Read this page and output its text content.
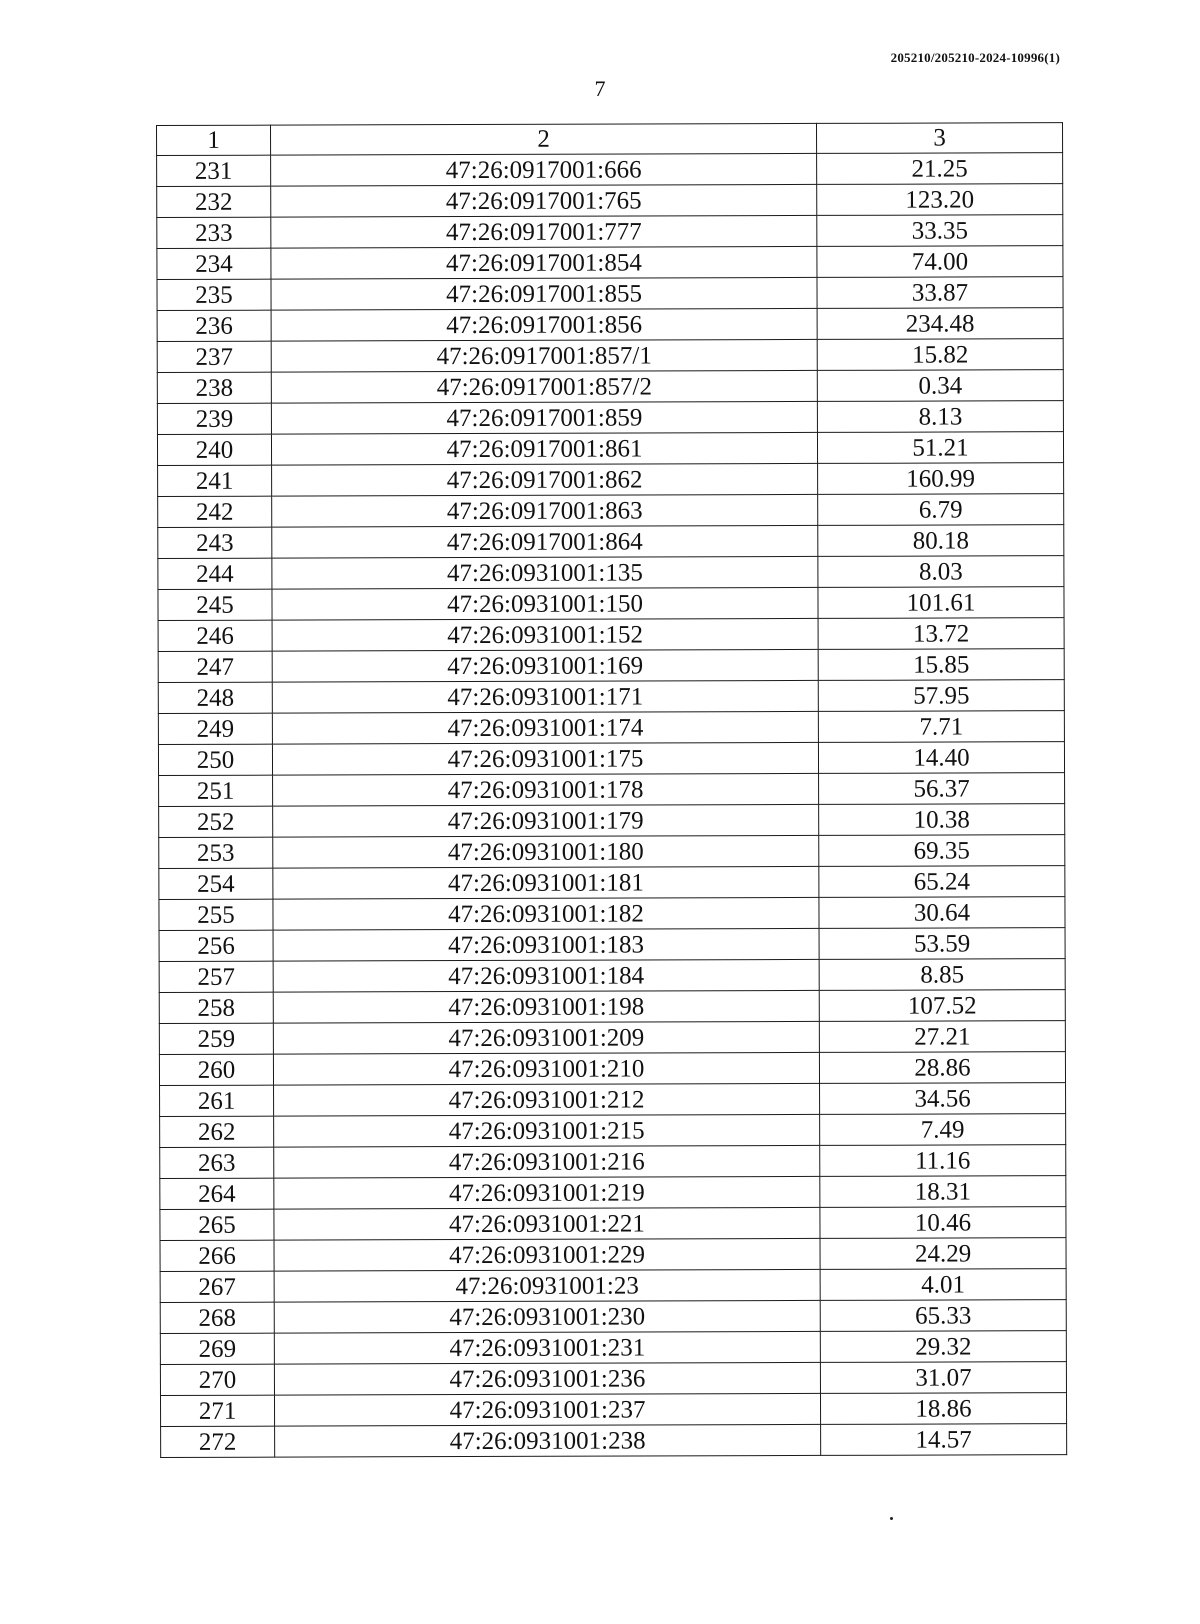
205210/205210-2024-10996(1)
7
1	2	3
231	47:26:0917001:666	21.25
232	47:26:0917001:765	123.20
233	47:26:0917001:777	33.35
234	47:26:0917001:854	74.00
235	47:26:0917001:855	33.87
236	47:26:0917001:856	234.48
237	47:26:0917001:857/1	15.82
238	47:26:0917001:857/2	0.34
239	47:26:0917001:859	8.13
240	47:26:0917001:861	51.21
241	47:26:0917001:862	160.99
242	47:26:0917001:863	6.79
243	47:26:0917001:864	80.18
244	47:26:0931001:135	8.03
245	47:26:0931001:150	101.61
246	47:26:0931001:152	13.72
247	47:26:0931001:169	15.85
248	47:26:0931001:171	57.95
249	47:26:0931001:174	7.71
250	47:26:0931001:175	14.40
251	47:26:0931001:178	56.37
252	47:26:0931001:179	10.38
253	47:26:0931001:180	69.35
254	47:26:0931001:181	65.24
255	47:26:0931001:182	30.64
256	47:26:0931001:183	53.59
257	47:26:0931001:184	8.85
258	47:26:0931001:198	107.52
259	47:26:0931001:209	27.21
260	47:26:0931001:210	28.86
261	47:26:0931001:212	34.56
262	47:26:0931001:215	7.49
263	47:26:0931001:216	11.16
264	47:26:0931001:219	18.31
265	47:26:0931001:221	10.46
266	47:26:0931001:229	24.29
267	47:26:0931001:23	4.01
268	47:26:0931001:230	65.33
269	47:26:0931001:231	29.32
270	47:26:0931001:236	31.07
271	47:26:0931001:237	18.86
272	47:26:0931001:238	14.57
